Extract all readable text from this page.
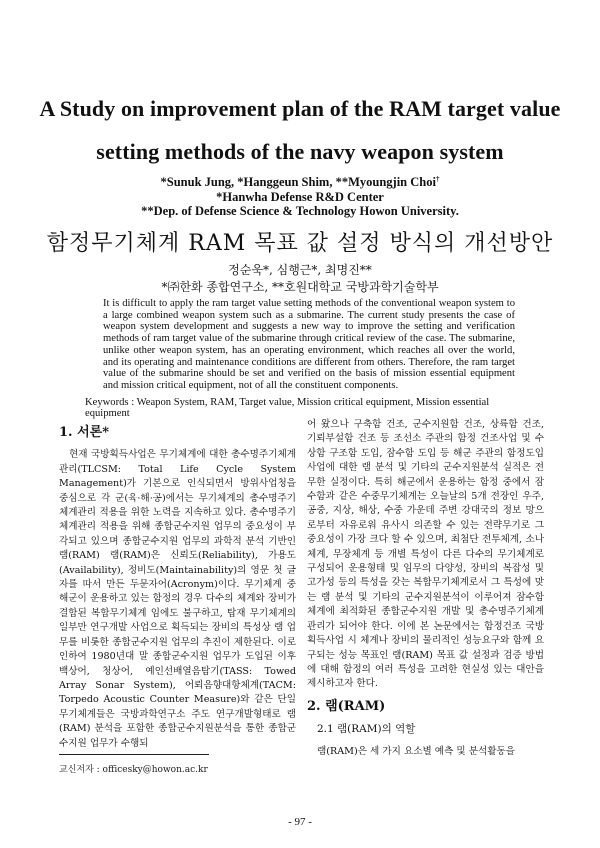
A Study on improvement plan of the RAM target value
setting methods of the navy weapon system
*Sunuk Jung, *Hanggeun Shim, **Myoungjin Choi†
*Hanwha Defense R&D Center
**Dep. of Defense Science & Technology Howon University.
함정무기체계 RAM 목표 값 설정 방식의 개선방안
정순욱*, 심행근*, 최명진**
*㈜한화 종합연구소, **호원대학교 국방과학기술학부
It is difficult to apply the ram target value setting methods of the conventional weapon system to a large combined weapon system such as a submarine. The current study presents the case of weapon system development and suggests a new way to improve the setting and verification methods of ram target value of the submarine through critical review of the case. The submarine, unlike other weapon system, has an operating environment, which reaches all over the world, and its operating and maintenance conditions are different from others. Therefore, the ram target value of the submarine should be set and verified on the basis of mission essential equipment and mission critical equipment, not of all the constituent components.
Keywords : Weapon System, RAM, Target value, Mission critical equipment, Mission essential equipment
1. 서론*

현재 국방획득사업은 무기체계에 대한 총수명주기체계관리(TLCSM: Total Life Cycle System Management)가 기본으로 인식되면서 방위사업청을 중심으로 각 군(육·해·공)에서는 무기체계의 총수명주기체계관리 적용을 위한 노력을 지속하고 있다. 총수명주기체계관리 적용을 위해 종합군수지원 업무의 중요성이 부각되고 있으며 종합군수지원 업무의 과학적 분석 기반인 램(RAM) 램(RAM)은 신뢰도(Reliability), 가용도(Availability), 정비도(Maintainability)의 영문 첫 글자를 따서 만든 두문자어(Acronym)이다. 무기체계 중 해군이 운용하고 있는 함정의 경우 다수의 체계와 장비가 결합된 복합무기체계 임에도 불구하고, 탑재 무기체계의 일부만 연구개발 사업으로 획득되는 장비의 특성상 램 업무를 비롯한 종합군수지원 업무의 추진이 제한된다. 이로 인하여 1980년대 말 종합군수지원 업무가 도입된 이후 백상어, 청상어, 예인선배열음탐기(TASS: Towed Array Sonar System), 어뢰음향대항체계(TACM: Torpedo Acoustic Counter Measure)와 같은 단일 무기체계들은 국방과학연구소 주도 연구개발형태로 램(RAM) 분석을 포함한 종합군수지원분석을 통한 종합군수지원 업무가 수행되

어 왔으나 구축함 건조, 군수지원함 건조, 상륙함 건조, 기뢰부설함 건조 등 조선소 주관의 함정 건조사업 및 수상함 구조함 도입, 잠수함 도입 등 해군 주관의 함정도입 사업에 대한 램 분석 및 기타의 군수지원분석 실적은 전무한 실정이다. 특히 해군에서 운용하는 함정 중에서 잠수함과 같은 수중무기체계는 오늘날의 5개 전장인 우주, 공중, 지상, 해상, 수중 가운데 주변 강대국의 정보 망으로부터 자유로워 유사시 의존할 수 있는 전략무기로 그 중요성이 가장 크다 할 수 있으며, 최첨단 전투체계, 소나체계, 무장체계 등 개별 특성이 다른 다수의 무기체계로 구성되어 운용형태 및 임무의 다양성, 장비의 복잡성 및 고가성 등의 특성을 갖는 복합무기체계로서 그 특성에 맞는 램 분석 및 기타의 군수지원분석이 이루어져 잠수함 체계에 최적화된 종합군수지원 개발 및 총수명주기체계관리가 되어야 한다. 이에 본 논문에서는 함정건조 국방획득사업 시 체계나 장비의 물리적인 성능요구와 함께 요구되는 성능 목표인 램(RAM) 목표 값 설정과 검증 방법에 대해 함정의 여러 특성을 고려한 현실성 있는 대안을 제시하고자 한다.

2. 램(RAM)
2.1 램(RAM)의 역할

램(RAM)은 세 가지 요소별 예측 및 분석활동을

교신저자 : officesky@howon.ac.kr
- 97 -
